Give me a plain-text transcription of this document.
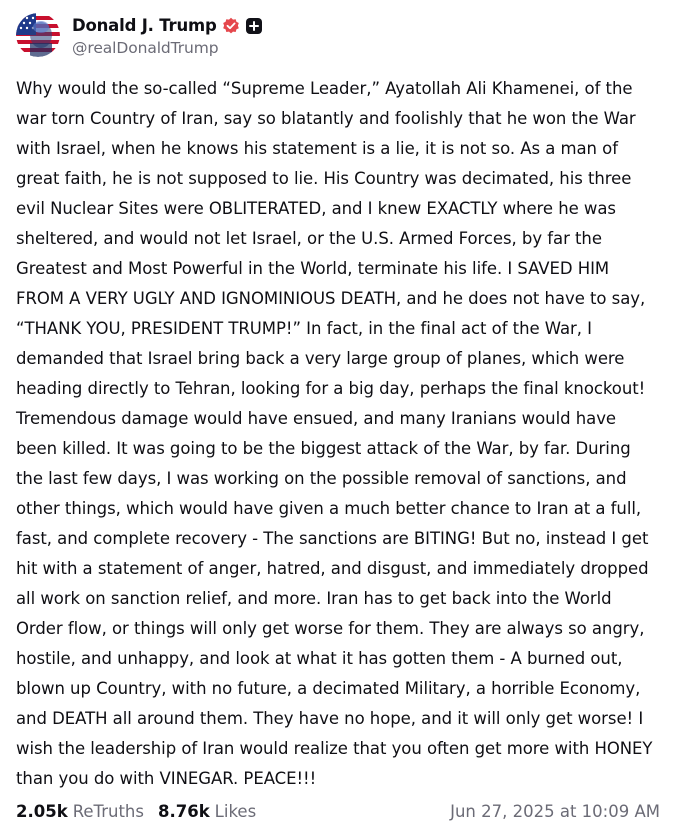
Donald J. Trump
@realDonaldTrump
Why would the so-called “Supreme Leader,” Ayatollah Ali Khamenei, of the war torn Country of Iran, say so blatantly and foolishly that he won the War with Israel, when he knows his statement is a lie, it is not so. As a man of great faith, he is not supposed to lie. His Country was decimated, his three evil Nuclear Sites were OBLITERATED, and I knew EXACTLY where he was sheltered, and would not let Israel, or the U.S. Armed Forces, by far the Greatest and Most Powerful in the World, terminate his life. I SAVED HIM FROM A VERY UGLY AND IGNOMINIOUS DEATH, and he does not have to say, “THANK YOU, PRESIDENT TRUMP!” In fact, in the final act of the War, I demanded that Israel bring back a very large group of planes, which were heading directly to Tehran, looking for a big day, perhaps the final knockout! Tremendous damage would have ensued, and many Iranians would have been killed. It was going to be the biggest attack of the War, by far. During the last few days, I was working on the possible removal of sanctions, and other things, which would have given a much better chance to Iran at a full, fast, and complete recovery - The sanctions are BITING! But no, instead I get hit with a statement of anger, hatred, and disgust, and immediately dropped all work on sanction relief, and more. Iran has to get back into the World Order flow, or things will only get worse for them. They are always so angry, hostile, and unhappy, and look at what it has gotten them - A burned out, blown up Country, with no future, a decimated Military, a horrible Economy, and DEATH all around them. They have no hope, and it will only get worse! I wish the leadership of Iran would realize that you often get more with HONEY than you do with VINEGAR. PEACE!!!
2.05k ReTruths 8.76k Likes	Jun 27, 2025 at 10:09 AM
